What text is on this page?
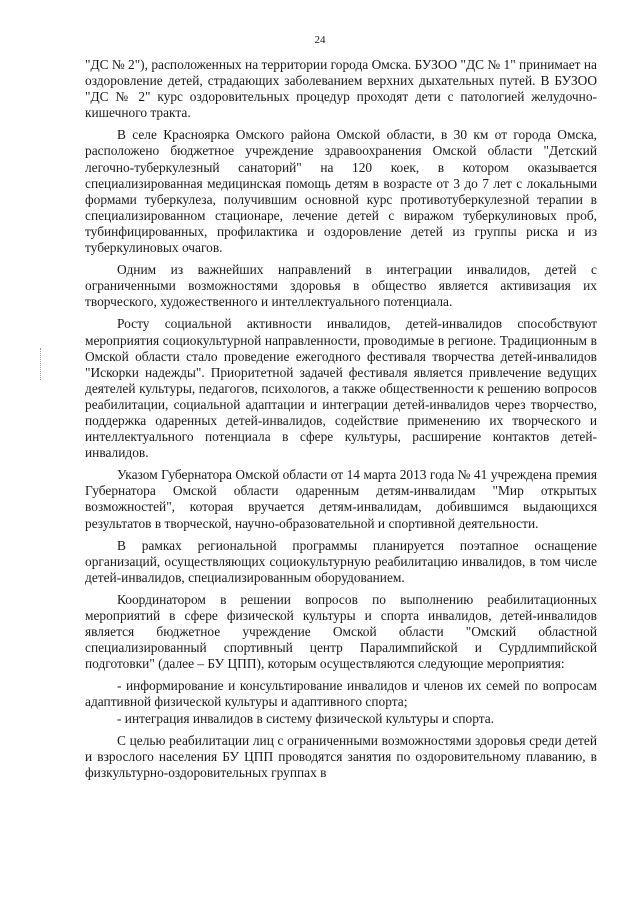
24

"ДС № 2"), расположенных на территории города Омска. БУЗОО "ДС № 1" принимает на оздоровление детей, страдающих заболеванием верхних дыхательных путей. В БУЗОО "ДС № 2" курс оздоровительных процедур проходят дети с патологией желудочно-кишечного тракта.

В селе Красноярка Омского района Омской области, в 30 км от города Омска, расположено бюджетное учреждение здравоохранения Омской области "Детский легочно-туберкулезный санаторий" на 120 коек, в котором оказывается специализированная медицинская помощь детям в возрасте от 3 до 7 лет с локальными формами туберкулеза, получившим основной курс противотуберкулезной терапии в специализированном стационаре, лечение детей с виражом туберкулиновых проб, тубинфицированных, профилактика и оздоровление детей из группы риска и из туберкулиновых очагов.

Одним из важнейших направлений в интеграции инвалидов, детей с ограниченными возможностями здоровья в общество является активизация их творческого, художественного и интеллектуального потенциала.

Росту социальной активности инвалидов, детей-инвалидов способствуют мероприятия социокультурной направленности, проводимые в регионе. Традиционным в Омской области стало проведение ежегодного фестиваля творчества детей-инвалидов "Искорки надежды". Приоритетной задачей фестиваля является привлечение ведущих деятелей культуры, педагогов, психологов, а также общественности к решению вопросов реабилитации, социальной адаптации и интеграции детей-инвалидов через творчество, поддержка одаренных детей-инвалидов, содействие применению их творческого и интеллектуального потенциала в сфере культуры, расширение контактов детей-инвалидов.

Указом Губернатора Омской области от 14 марта 2013 года № 41 учреждена премия Губернатора Омской области одаренным детям-инвалидам "Мир открытых возможностей", которая вручается детям-инвалидам, добившимся выдающихся результатов в творческой, научно-образовательной и спортивной деятельности.

В рамках региональной программы планируется поэтапное оснащение организаций, осуществляющих социокультурную реабилитацию инвалидов, в том числе детей-инвалидов, специализированным оборудованием.

Координатором в решении вопросов по выполнению реабилитационных мероприятий в сфере физической культуры и спорта инвалидов, детей-инвалидов является бюджетное учреждение Омской области "Омский областной специализированный спортивный центр Паралимпийской и Сурдлимпийской подготовки" (далее – БУ ЦПП), которым осуществляются следующие мероприятия:

- информирование и консультирование инвалидов и членов их семей по вопросам адаптивной физической культуры и адаптивного спорта;

- интеграция инвалидов в систему физической культуры и спорта.

С целью реабилитации лиц с ограниченными возможностями здоровья среди детей и взрослого населения БУ ЦПП проводятся занятия по оздоровительному плаванию, в физкультурно-оздоровительных группах в
